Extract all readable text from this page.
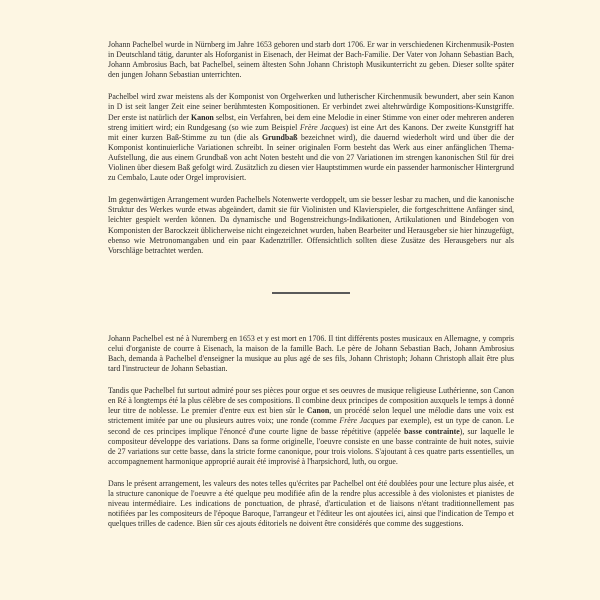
Johann Pachelbel wurde in Nürnberg im Jahre 1653 geboren und starb dort 1706. Er war in verschiedenen Kirchenmusik-Posten in Deutschland tätig, darunter als Hoforganist in Eisenach, der Heimat der Bach-Familie. Der Vater von Johann Sebastian Bach, Johann Ambrosius Bach, bat Pachelbel, seinem ältesten Sohn Johann Christoph Musikunterricht zu geben. Dieser sollte später den jungen Johann Sebastian unterrichten.

Pachelbel wird zwar meistens als der Komponist von Orgelwerken und lutherischer Kirchenmusik bewundert, aber sein Kanon in D ist seit langer Zeit eine seiner berühmtesten Kompositionen. Er verbindet zwei altehrwürdige Kompositions-Kunstgriffe. Der erste ist natürlich der Kanon selbst, ein Verfahren, bei dem eine Melodie in einer Stimme von einer oder mehreren anderen streng imitiert wird; ein Rundgesang (so wie zum Beispiel Frère Jacques) ist eine Art des Kanons. Der zweite Kunstgriff hat mit einer kurzen Baß-Stimme zu tun (die als Grundbaß bezeichnet wird), die dauernd wiederholt wird und über die der Komponist kontinuierliche Variationen schreibt. In seiner originalen Form besteht das Werk aus einer anfänglichen Thema-Aufstellung, die aus einem Grundbaß von acht Noten besteht und die von 27 Variationen im strengen kanonischen Stil für drei Violinen über diesem Baß gefolgt wird. Zusätzlich zu diesen vier Hauptstimmen wurde ein passender harmonischer Hintergrund zu Cembalo, Laute oder Orgel improvisiert.

Im gegenwärtigen Arrangement wurden Pachelbels Notenwerte verdoppelt, um sie besser lesbar zu machen, und die kanonische Struktur des Werkes wurde etwas abgeändert, damit sie für Violinisten und Klavierspieler, die fortgeschrittene Anfänger sind, leichter gespielt werden können. Da dynamische und Bogenstreichungs-Indikationen, Artikulationen und Bindebogen von Komponisten der Barockzeit üblicherweise nicht eingezeichnet wurden, haben Bearbeiter und Herausgeber sie hier hinzugefügt, ebenso wie Metronomangaben und ein paar Kadenztriller. Offensichtlich sollten diese Zusätze des Herausgebers nur als Vorschläge betrachtet werden.

Johann Pachelbel est né à Nuremberg en 1653 et y est mort en 1706. Il tint différents postes musicaux en Allemagne, y compris celui d'organiste de courre à Eisenach, la maison de la famille Bach. Le père de Johann Sebastian Bach, Johann Ambrosius Bach, demanda à Pachelbel d'enseigner la musique au plus agé de ses fils, Johann Christoph; Johann Christoph allait être plus tard l'instructeur de Johann Sebastian.

Tandis que Pachelbel fut surtout admiré pour ses pièces pour orgue et ses oeuvres de musique religieuse Luthérienne, son Canon en Ré à longtemps été la plus célèbre de ses compositions. Il combine deux principes de composition auxquels le temps à donné leur titre de noblesse. Le premier d'entre eux est bien sûr le Canon, un procédé selon lequel une mélodie dans une voix est strictement imitée par une ou plusieurs autres voix; une ronde (comme Frère Jacques par exemple), est un type de canon. Le second de ces principes implique l'énoncé d'une courte ligne de basse répétitive (appelée basse contrainte), sur laquelle le compositeur développe des variations. Dans sa forme originelle, l'oeuvre consiste en une basse contrainte de huit notes, suivie de 27 variations sur cette basse, dans la stricte forme canonique, pour trois violons. S'ajoutant à ces quatre parts essentielles, un accompagnement harmonique approprié aurait été improvisé à l'harpsichord, luth, ou orgue.

Dans le présent arrangement, les valeurs des notes telles qu'écrites par Pachelbel ont été doublées pour une lecture plus aisée, et la structure canonique de l'oeuvre a été quelque peu modifiée afin de la rendre plus accessible à des violonistes et pianistes de niveau intermédiaire. Les indications de ponctuation, de phrasé, d'articulation et de liaisons n'étant traditionnellement pas notifiées par les compositeurs de l'époque Baroque, l'arrangeur et l'éditeur les ont ajoutées ici, ainsi que l'indication de Tempo et quelques trilles de cadence. Bien sûr ces ajouts éditoriels ne doivent être considérés que comme des suggestions.
